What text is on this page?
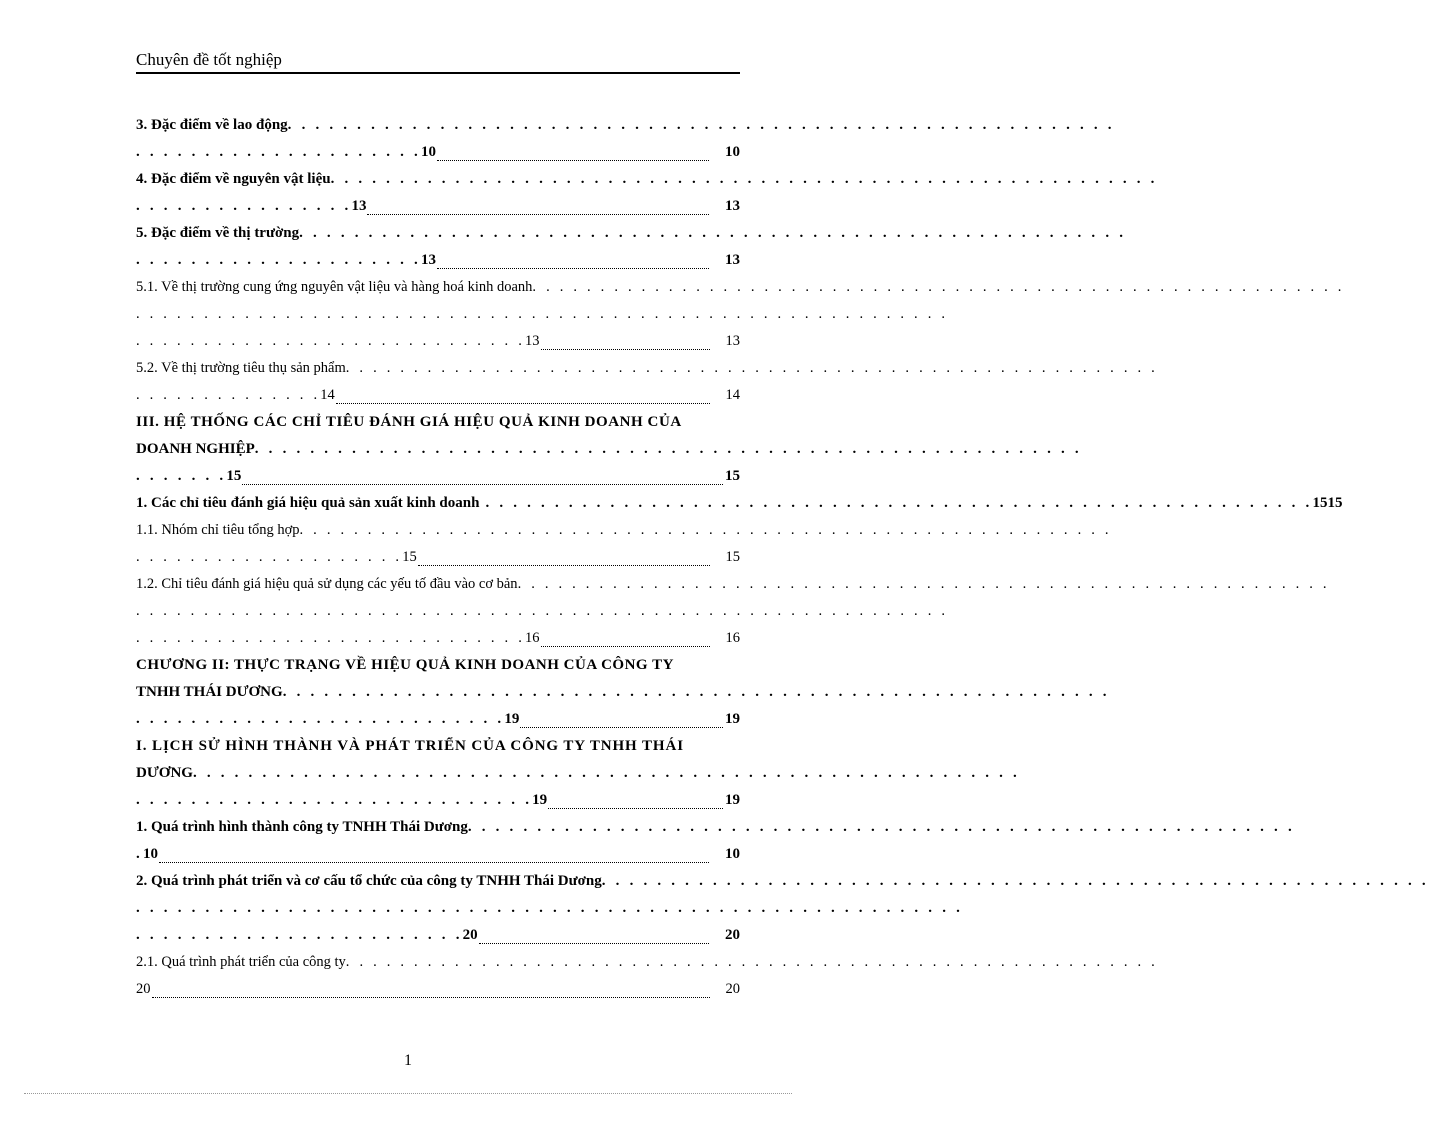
Chuyên đề tốt nghiệp
3. Đặc điểm về lao động. . . . . . . . . . . . . . . . . . . . . . . . . . . . . . . . . . . . . . . . . . . . . . . . . . . . . . . . . . . .
. . . . . . . . . . . . . . . . . . . . . 10	10
4. Đặc điểm về nguyên vật liệu. . . . . . . . . . . . . . . . . . . . . . . . . . . . . . . . . . . . . . . . . . . . . . . . . . . . . . . . . . . .
. . . . . . . . . . . . . . . . 13	13
5. Đặc điểm về thị trường. . . . . . . . . . . . . . . . . . . . . . . . . . . . . . . . . . . . . . . . . . . . . . . . . . . . . . . . . . . .
. . . . . . . . . . . . . . . . . . . . . 13	13
5.1. Về thị trường cung ứng nguyên vật liệu và hàng hoá kinh doanh. . . . . . . . . . . . . . . . . . . . . . . . . . . . . . . . . . . . . . . . . . . . . . . . . . . . . . . . . . . .
. . . . . . . . . . . . . . . . . . . . . . . . . . . . . . . . . . . . . . . . . . . . . . . . . . . . . . . . . . . .
. . . . . . . . . . . . . . . . . . . . . . . . . . . . . 13	13
5.2. Về thị trường tiêu thụ sản phẩm. . . . . . . . . . . . . . . . . . . . . . . . . . . . . . . . . . . . . . . . . . . . . . . . . . . . . . . . . . . .
. . . . . . . . . . . . . . 14	14
III. HỆ THỐNG CÁC CHỈ TIÊU ĐÁNH GIÁ HIỆU QUẢ KINH DOANH CỦA
DOANH NGHIỆP. . . . . . . . . . . . . . . . . . . . . . . . . . . . . . . . . . . . . . . . . . . . . . . . . . . . . . . . . . . .
. . . . . . . 15	15
1. Các chỉ tiêu đánh giá hiệu quả sản xuất kinh doanh . . . . . . . . . . . . . . . . . . . . . . . . . . . . . . . . . . . . . . . . . . . . . . . . . . . . . . . . . . . . 1515
1.1. Nhóm chỉ tiêu tổng hợp. . . . . . . . . . . . . . . . . . . . . . . . . . . . . . . . . . . . . . . . . . . . . . . . . . . . . . . . . . . .
. . . . . . . . . . . . . . . . . . . . 15	15
1.2. Chỉ tiêu đánh giá hiệu quả sử dụng các yếu tố đầu vào cơ bản. . . . . . . . . . . . . . . . . . . . . . . . . . . . . . . . . . . . . . . . . . . . . . . . . . . . . . . . . . . .
. . . . . . . . . . . . . . . . . . . . . . . . . . . . . . . . . . . . . . . . . . . . . . . . . . . . . . . . . . . .
. . . . . . . . . . . . . . . . . . . . . . . . . . . . . 16	16
CHƯƠNG II: THỰC TRẠNG VỀ HIỆU QUẢ KINH DOANH CỦA CÔNG TY
TNHH THÁI DƯƠNG. . . . . . . . . . . . . . . . . . . . . . . . . . . . . . . . . . . . . . . . . . . . . . . . . . . . . . . . . . . .
. . . . . . . . . . . . . . . . . . . . . . . . . . . 19	19
I. LỊCH SỬ HÌNH THÀNH VÀ PHÁT TRIỂN CỦA CÔNG TY TNHH THÁI
DƯƠNG. . . . . . . . . . . . . . . . . . . . . . . . . . . . . . . . . . . . . . . . . . . . . . . . . . . . . . . . . . . .
. . . . . . . . . . . . . . . . . . . . . . . . . . . . . 19	19
1. Quá trình hình thành công ty TNHH Thái Dương. . . . . . . . . . . . . . . . . . . . . . . . . . . . . . . . . . . . . . . . . . . . . . . . . . . . . . . . . . . .
. 10	10
2. Quá trình phát triển và cơ cấu tổ chức của công ty TNHH Thái Dương. . . . . . . . . . . . . . . . . . . . . . . . . . . . . . . . . . . . . . . . . . . . . . . . . . . . . . . . . . . .
. . . . . . . . . . . . . . . . . . . . . . . . . . . . . . . . . . . . . . . . . . . . . . . . . . . . . . . . . . . .
. . . . . . . . . . . . . . . . . . . . . . . . 20	20
2.1. Quá trình phát triển của công ty. . . . . . . . . . . . . . . . . . . . . . . . . . . . . . . . . . . . . . . . . . . . . . . . . . . . . . . . . . . .
20	20
1
